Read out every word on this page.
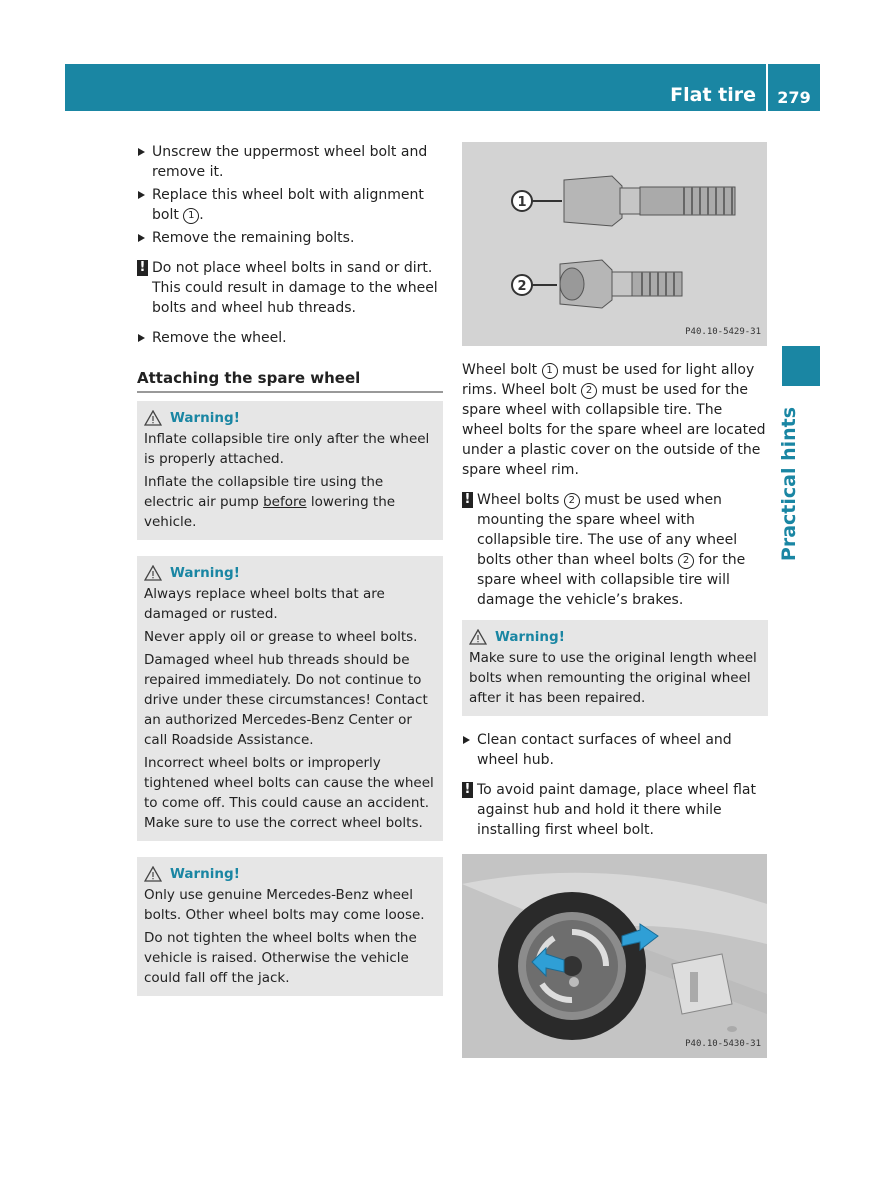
Flat tire	279
Practical hints
Unscrew the uppermost wheel bolt and remove it.
Replace this wheel bolt with alignment bolt 1 .
Remove the remaining bolts.
! Do not place wheel bolts in sand or dirt. This could result in damage to the wheel bolts and wheel hub threads.
Remove the wheel.
Attaching the spare wheel
Warning!

Inflate collapsible tire only after the wheel is properly attached.

Inflate the collapsible tire using the electric air pump before lowering the vehicle.

Warning!

Always replace wheel bolts that are damaged or rusted.

Never apply oil or grease to wheel bolts.

Damaged wheel hub threads should be repaired immediately. Do not continue to drive under these circumstances! Contact an authorized Mercedes-Benz Center or call Roadside Assistance.

Incorrect wheel bolts or improperly tightened wheel bolts can cause the wheel to come off. This could cause an accident. Make sure to use the correct wheel bolts.

Warning!

Only use genuine Mercedes-Benz wheel bolts. Other wheel bolts may come loose.

Do not tighten the wheel bolts when the vehicle is raised. Otherwise the vehicle could fall off the jack.

1
2
P40.10-5429-31
Wheel bolt 1 must be used for light alloy rims. Wheel bolt 2 must be used for the spare wheel with collapsible tire. The wheel bolts for the spare wheel are located under a plastic cover on the outside of the spare wheel rim.
! Wheel bolts 2 must be used when mounting the spare wheel with collapsible tire. The use of any wheel bolts other than wheel bolts 2 for the spare wheel with collapsible tire will damage the vehicle’s brakes.
Warning!

Make sure to use the original length wheel bolts when remounting the original wheel after it has been repaired.

Clean contact surfaces of wheel and wheel hub.
! To avoid paint damage, place wheel flat against hub and hold it there while installing first wheel bolt.
P40.10-5430-31
